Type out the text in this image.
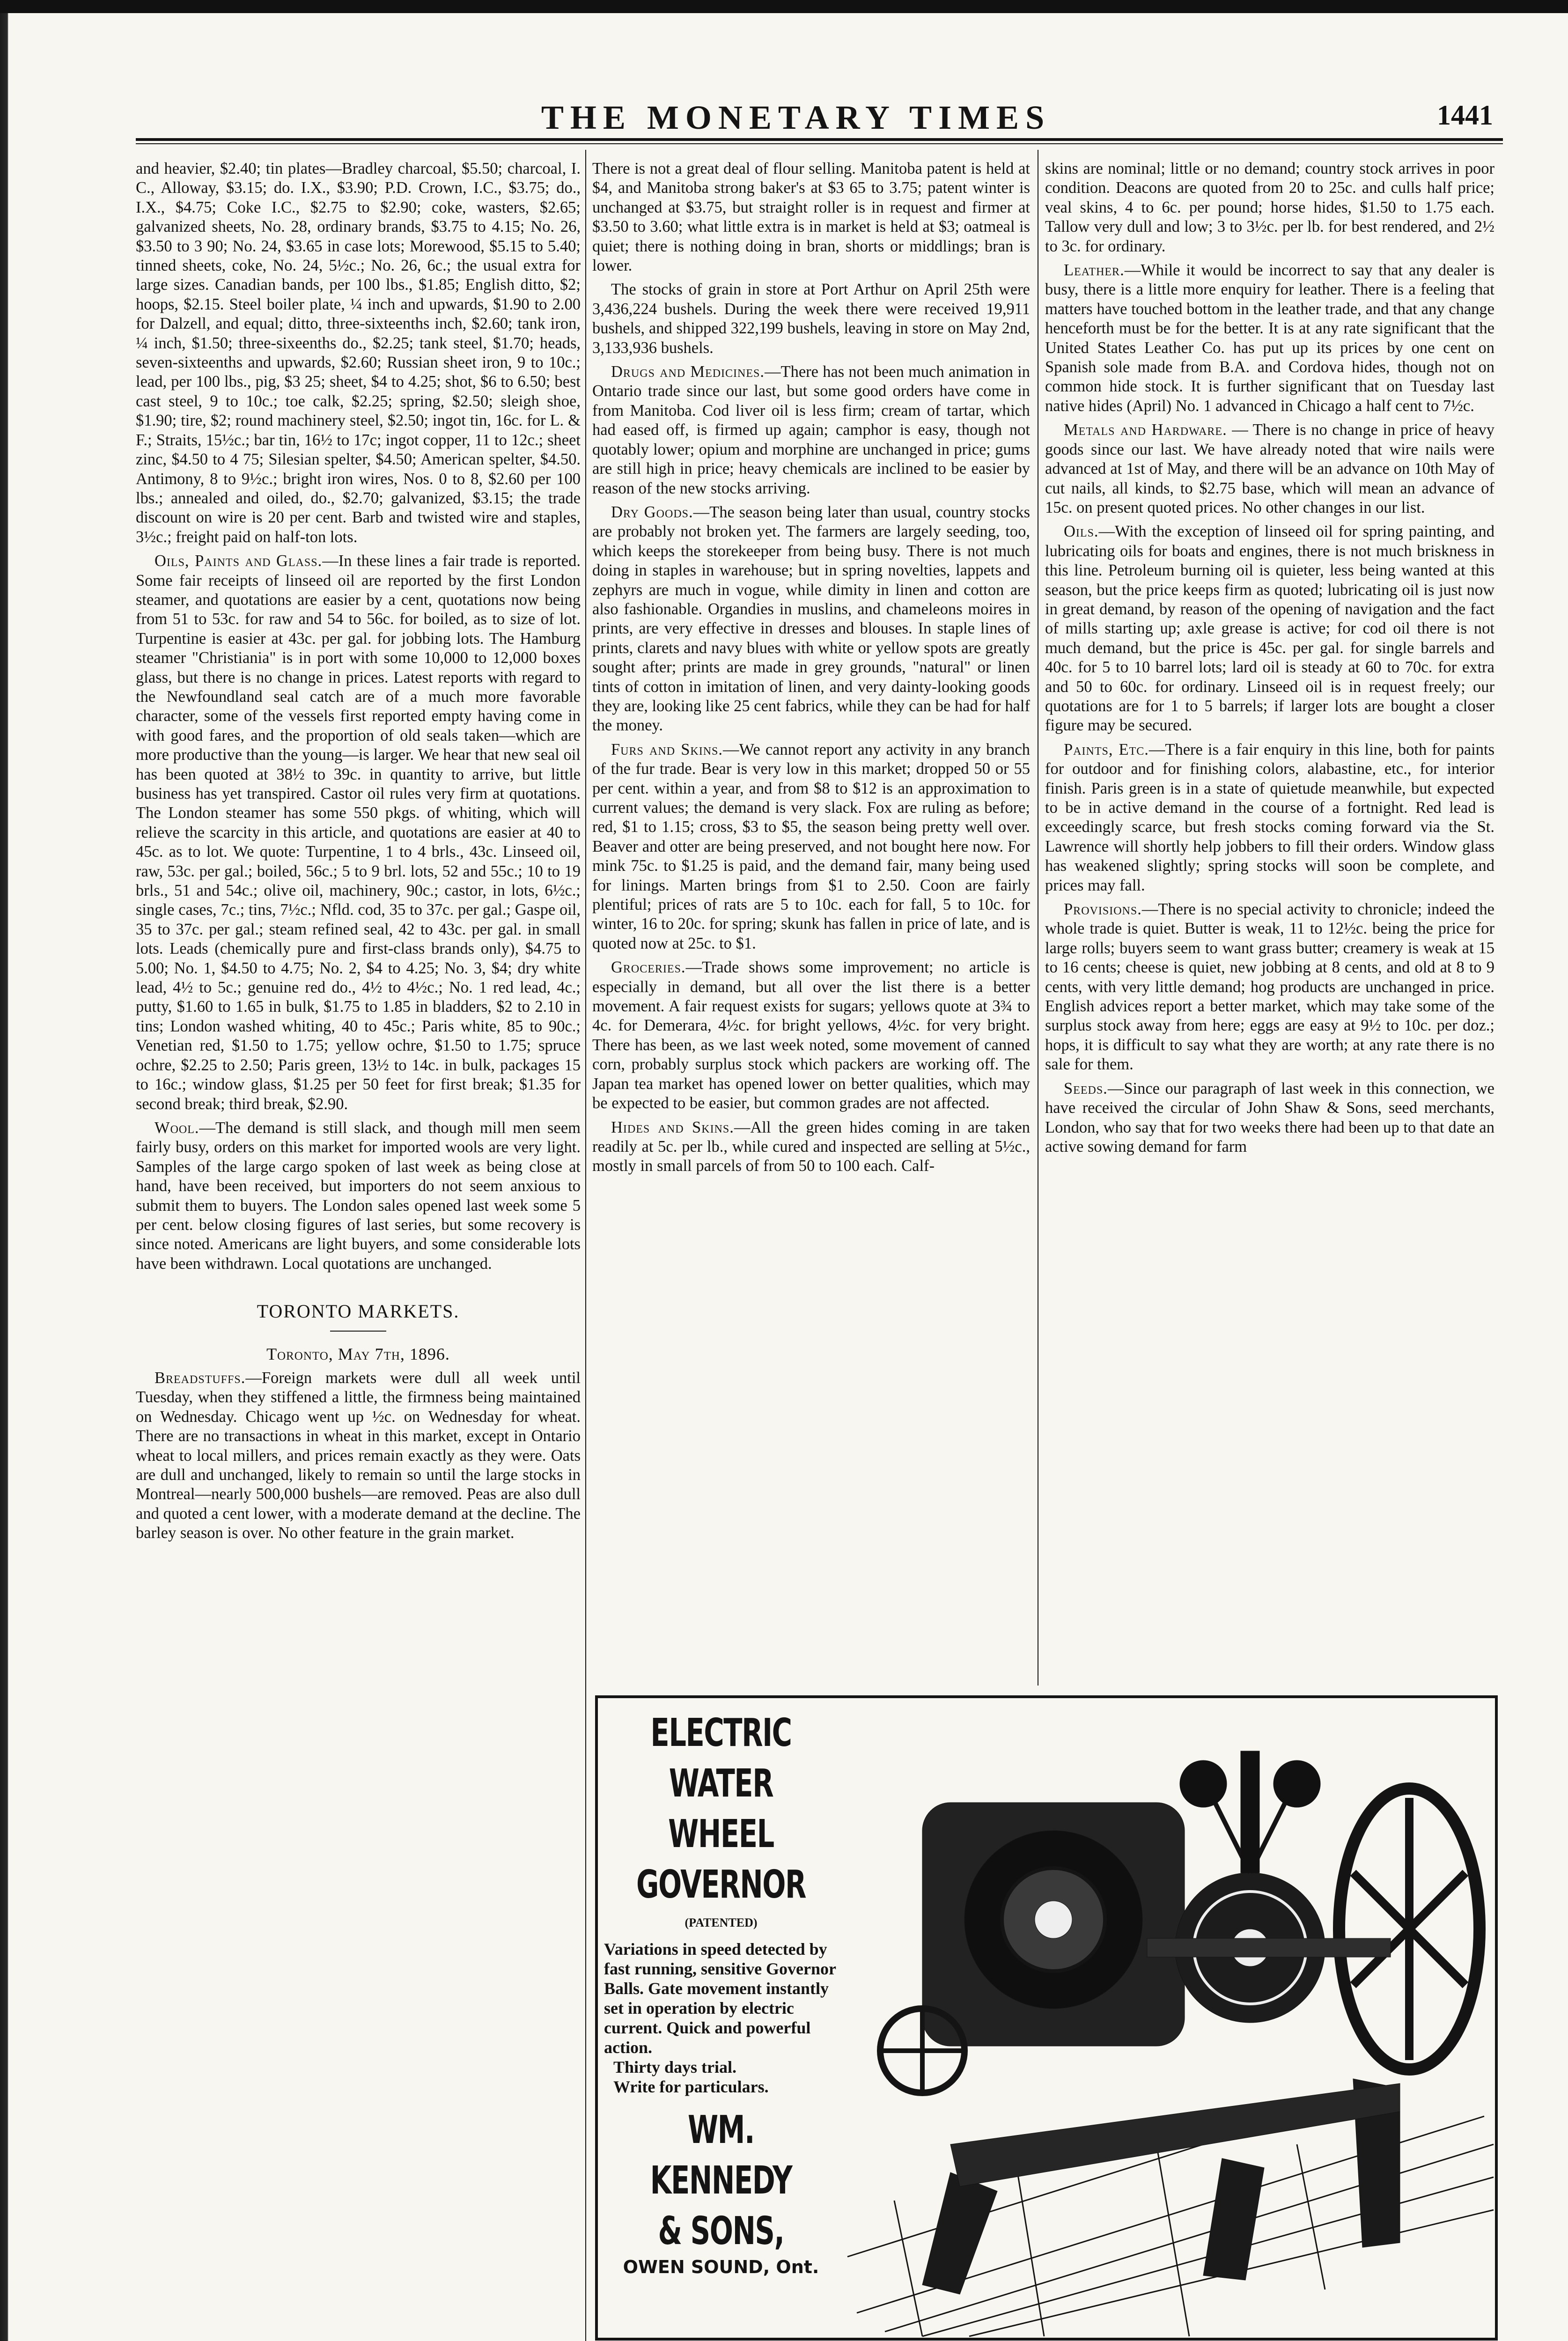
THE MONETARY TIMES	1441

and heavier, $2.40; tin plates—Bradley charcoal, $5.50; charcoal, I. C., Alloway, $3.15; do. I.X., $3.90; P.D. Crown, I.C., $3.75; do., I.X., $4.75; Coke I.C., $2.75 to $2.90; coke, wasters, $2.65; galvanized sheets, No. 28, ordinary brands, $3.75 to 4.15; No. 26, $3.50 to 3 90; No. 24, $3.65 in case lots; Morewood, $5.15 to 5.40; tinned sheets, coke, No. 24, 5½c.; No. 26, 6c.; the usual extra for large sizes. Canadian bands, per 100 lbs., $1.85; English ditto, $2; hoops, $2.15. Steel boiler plate, ¼ inch and upwards, $1.90 to 2.00 for Dalzell, and equal; ditto, three-sixteenths inch, $2.60; tank iron, ¼ inch, $1.50; three-sixeenths do., $2.25; tank steel, $1.70; heads, seven-sixteenths and upwards, $2.60; Russian sheet iron, 9 to 10c.; lead, per 100 lbs., pig, $3 25; sheet, $4 to 4.25; shot, $6 to 6.50; best cast steel, 9 to 10c.; toe calk, $2.25; spring, $2.50; sleigh shoe, $1.90; tire, $2; round machinery steel, $2.50; ingot tin, 16c. for L. & F.; Straits, 15½c.; bar tin, 16½ to 17c; ingot copper, 11 to 12c.; sheet zinc, $4.50 to 4 75; Silesian spelter, $4.50; American spelter, $4.50. Antimony, 8 to 9½c.; bright iron wires, Nos. 0 to 8, $2.60 per 100 lbs.; annealed and oiled, do., $2.70; galvanized, $3.15; the trade discount on wire is 20 per cent. Barb and twisted wire and staples, 3½c.; freight paid on half-ton lots.

Oils, Paints and Glass.—In these lines a fair trade is reported. Some fair receipts of linseed oil are reported by the first London steamer, and quotations are easier by a cent, quotations now being from 51 to 53c. for raw and 54 to 56c. for boiled, as to size of lot. Turpentine is easier at 43c. per gal. for jobbing lots. The Hamburg steamer "Christiania" is in port with some 10,000 to 12,000 boxes glass, but there is no change in prices. Latest reports with regard to the Newfoundland seal catch are of a much more favorable character, some of the vessels first reported empty having come in with good fares, and the proportion of old seals taken—which are more productive than the young—is larger. We hear that new seal oil has been quoted at 38½ to 39c. in quantity to arrive, but little business has yet transpired. Castor oil rules very firm at quotations. The London steamer has some 550 pkgs. of whiting, which will relieve the scarcity in this article, and quotations are easier at 40 to 45c. as to lot. We quote: Turpentine, 1 to 4 brls., 43c. Linseed oil, raw, 53c. per gal.; boiled, 56c.; 5 to 9 brl. lots, 52 and 55c.; 10 to 19 brls., 51 and 54c.; olive oil, machinery, 90c.; castor, in lots, 6½c.; single cases, 7c.; tins, 7½c.; Nfld. cod, 35 to 37c. per gal.; Gaspe oil, 35 to 37c. per gal.; steam refined seal, 42 to 43c. per gal. in small lots. Leads (chemically pure and first-class brands only), $4.75 to 5.00; No. 1, $4.50 to 4.75; No. 2, $4 to 4.25; No. 3, $4; dry white lead, 4½ to 5c.; genuine red do., 4½ to 4½c.; No. 1 red lead, 4c.; putty, $1.60 to 1.65 in bulk, $1.75 to 1.85 in bladders, $2 to 2.10 in tins; London washed whiting, 40 to 45c.; Paris white, 85 to 90c.; Venetian red, $1.50 to 1.75; yellow ochre, $1.50 to 1.75; spruce ochre, $2.25 to 2.50; Paris green, 13½ to 14c. in bulk, packages 15 to 16c.; window glass, $1.25 per 50 feet for first break; $1.35 for second break; third break, $2.90.

Wool.—The demand is still slack, and though mill men seem fairly busy, orders on this market for imported wools are very light. Samples of the large cargo spoken of last week as being close at hand, have been received, but importers do not seem anxious to submit them to buyers. The London sales opened last week some 5 per cent. below closing figures of last series, but some recovery is since noted. Americans are light buyers, and some considerable lots have been withdrawn. Local quotations are unchanged.

TORONTO MARKETS.

Toronto, May 7th, 1896.

Breadstuffs.—Foreign markets were dull all week until Tuesday, when they stiffened a little, the firmness being maintained on Wednesday. Chicago went up ½c. on Wednesday for wheat. There are no transactions in wheat in this market, except in Ontario wheat to local millers, and prices remain exactly as they were. Oats are dull and unchanged, likely to remain so until the large stocks in Montreal—nearly 500,000 bushels—are removed. Peas are also dull and quoted a cent lower, with a moderate demand at the decline. The barley season is over. No other feature in the grain market.

There is not a great deal of flour selling. Manitoba patent is held at $4, and Manitoba strong baker's at $3 65 to 3.75; patent winter is unchanged at $3.75, but straight roller is in request and firmer at $3.50 to 3.60; what little extra is in market is held at $3; oatmeal is quiet; there is nothing doing in bran, shorts or middlings; bran is lower.

The stocks of grain in store at Port Arthur on April 25th were 3,436,224 bushels. During the week there were received 19,911 bushels, and shipped 322,199 bushels, leaving in store on May 2nd, 3,133,936 bushels.

Drugs and Medicines.—There has not been much animation in Ontario trade since our last, but some good orders have come in from Manitoba. Cod liver oil is less firm; cream of tartar, which had eased off, is firmed up again; camphor is easy, though not quotably lower; opium and morphine are unchanged in price; gums are still high in price; heavy chemicals are inclined to be easier by reason of the new stocks arriving.

Dry Goods.—The season being later than usual, country stocks are probably not broken yet. The farmers are largely seeding, too, which keeps the storekeeper from being busy. There is not much doing in staples in warehouse; but in spring novelties, lappets and zephyrs are much in vogue, while dimity in linen and cotton are also fashionable. Organdies in muslins, and chameleons moires in prints, are very effective in dresses and blouses. In staple lines of prints, clarets and navy blues with white or yellow spots are greatly sought after; prints are made in grey grounds, "natural" or linen tints of cotton in imitation of linen, and very dainty-looking goods they are, looking like 25 cent fabrics, while they can be had for half the money.

Furs and Skins.—We cannot report any activity in any branch of the fur trade. Bear is very low in this market; dropped 50 or 55 per cent. within a year, and from $8 to $12 is an approximation to current values; the demand is very slack. Fox are ruling as before; red, $1 to 1.15; cross, $3 to $5, the season being pretty well over. Beaver and otter are being preserved, and not bought here now. For mink 75c. to $1.25 is paid, and the demand fair, many being used for linings. Marten brings from $1 to 2.50. Coon are fairly plentiful; prices of rats are 5 to 10c. each for fall, 5 to 10c. for winter, 16 to 20c. for spring; skunk has fallen in price of late, and is quoted now at 25c. to $1.

Groceries.—Trade shows some improvement; no article is especially in demand, but all over the list there is a better movement. A fair request exists for sugars; yellows quote at 3¾ to 4c. for Demerara, 4½c. for bright yellows, 4½c. for very bright. There has been, as we last week noted, some movement of canned corn, probably surplus stock which packers are working off. The Japan tea market has opened lower on better qualities, which may be expected to be easier, but common grades are not affected.

Hides and Skins.—All the green hides coming in are taken readily at 5c. per lb., while cured and inspected are selling at 5½c., mostly in small parcels of from 50 to 100 each. Calf-

skins are nominal; little or no demand; country stock arrives in poor condition. Deacons are quoted from 20 to 25c. and culls half price; veal skins, 4 to 6c. per pound; horse hides, $1.50 to 1.75 each. Tallow very dull and low; 3 to 3½c. per lb. for best rendered, and 2½ to 3c. for ordinary.

Leather.—While it would be incorrect to say that any dealer is busy, there is a little more enquiry for leather. There is a feeling that matters have touched bottom in the leather trade, and that any change henceforth must be for the better. It is at any rate significant that the United States Leather Co. has put up its prices by one cent on Spanish sole made from B.A. and Cordova hides, though not on common hide stock. It is further significant that on Tuesday last native hides (April) No. 1 advanced in Chicago a half cent to 7½c.

Metals and Hardware. — There is no change in price of heavy goods since our last. We have already noted that wire nails were advanced at 1st of May, and there will be an advance on 10th May of cut nails, all kinds, to $2.75 base, which will mean an advance of 15c. on present quoted prices. No other changes in our list.

Oils.—With the exception of linseed oil for spring painting, and lubricating oils for boats and engines, there is not much briskness in this line. Petroleum burning oil is quieter, less being wanted at this season, but the price keeps firm as quoted; lubricating oil is just now in great demand, by reason of the opening of navigation and the fact of mills starting up; axle grease is active; for cod oil there is not much demand, but the price is 45c. per gal. for single barrels and 40c. for 5 to 10 barrel lots; lard oil is steady at 60 to 70c. for extra and 50 to 60c. for ordinary. Linseed oil is in request freely; our quotations are for 1 to 5 barrels; if larger lots are bought a closer figure may be secured.

Paints, Etc.—There is a fair enquiry in this line, both for paints for outdoor and for finishing colors, alabastine, etc., for interior finish. Paris green is in a state of quietude meanwhile, but expected to be in active demand in the course of a fortnight. Red lead is exceedingly scarce, but fresh stocks coming forward via the St. Lawrence will shortly help jobbers to fill their orders. Window glass has weakened slightly; spring stocks will soon be complete, and prices may fall.

Provisions.—There is no special activity to chronicle; indeed the whole trade is quiet. Butter is weak, 11 to 12½c. being the price for large rolls; buyers seem to want grass butter; creamery is weak at 15 to 16 cents; cheese is quiet, new jobbing at 8 cents, and old at 8 to 9 cents, with very little demand; hog products are unchanged in price. English advices report a better market, which may take some of the surplus stock away from here; eggs are easy at 9½ to 10c. per doz.; hops, it is difficult to say what they are worth; at any rate there is no sale for them.

Seeds.—Since our paragraph of last week in this connection, we have received the circular of John Shaw & Sons, seed merchants, London, who say that for two weeks there had been up to that date an active sowing demand for farm

ELECTRIC
WATER WHEEL
GOVERNOR
(PATENTED)
Variations in speed detected by fast running, sensitive Governor Balls. Gate movement instantly set in operation by electric current. Quick and powerful action.
Thirty days trial.
Write for particulars.
WM. KENNEDY
& SONS,
OWEN SOUND, Ont.
